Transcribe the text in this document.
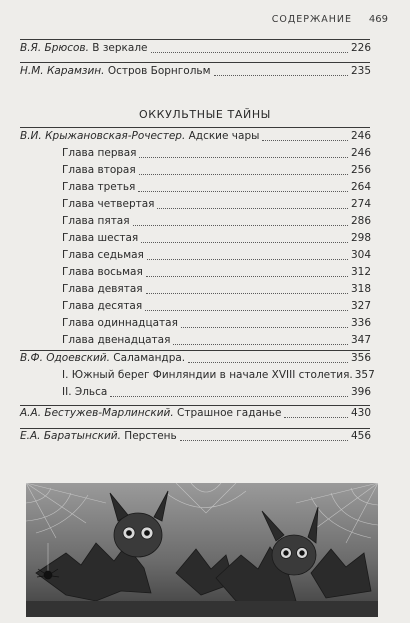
СОДЕРЖАНИЕ 469
В.Я. Брюсов. В зеркале	226
Н.М. Карамзин. Остров Борнгольм	235
ОККУЛЬТНЫЕ ТАЙНЫ
В.И. Крыжановская-Рочестер. Адские чары	246
Глава первая	246
Глава вторая	256
Глава третья	264
Глава четвертая	274
Глава пятая	286
Глава шестая	298
Глава седьмая	304
Глава восьмая	312
Глава девятая	318
Глава десятая	327
Глава одиннадцатая	336
Глава двенадцатая	347
В.Ф. Одоевский. Саламандра.	356
I. Южный берег Финляндии в начале XVIII столетия. 357
II. Эльса	396
А.А. Бестужев-Марлинский. Страшное гаданье	430
Е.А. Баратынский. Перстень	456
